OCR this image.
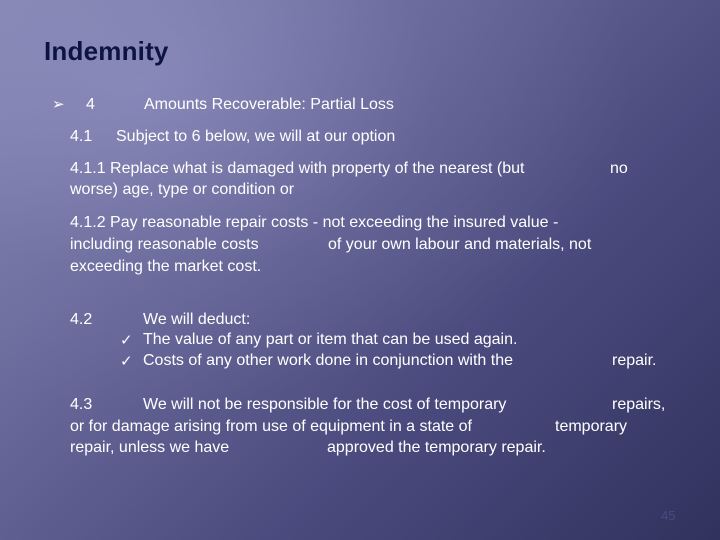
Indemnity
➢ 4	Amounts Recoverable: Partial Loss
4.1 Subject to 6 below, we will at our option
4.1.1 Replace what is damaged with property of the nearest (but	no
worse) age, type or condition or
4.1.2 Pay reasonable repair costs - not exceeding the insured value -
including reasonable costs	of your own labour and materials, not
exceeding the market cost.
4.2	We will deduct:
✓ The value of any part or item that can be used again.
✓ Costs of any other work done in conjunction with the	repair.
4.3	We will not be responsible for the cost of temporary	repairs,
or for damage arising from use of equipment in a state of	temporary
repair, unless we have	approved the temporary repair.
45
